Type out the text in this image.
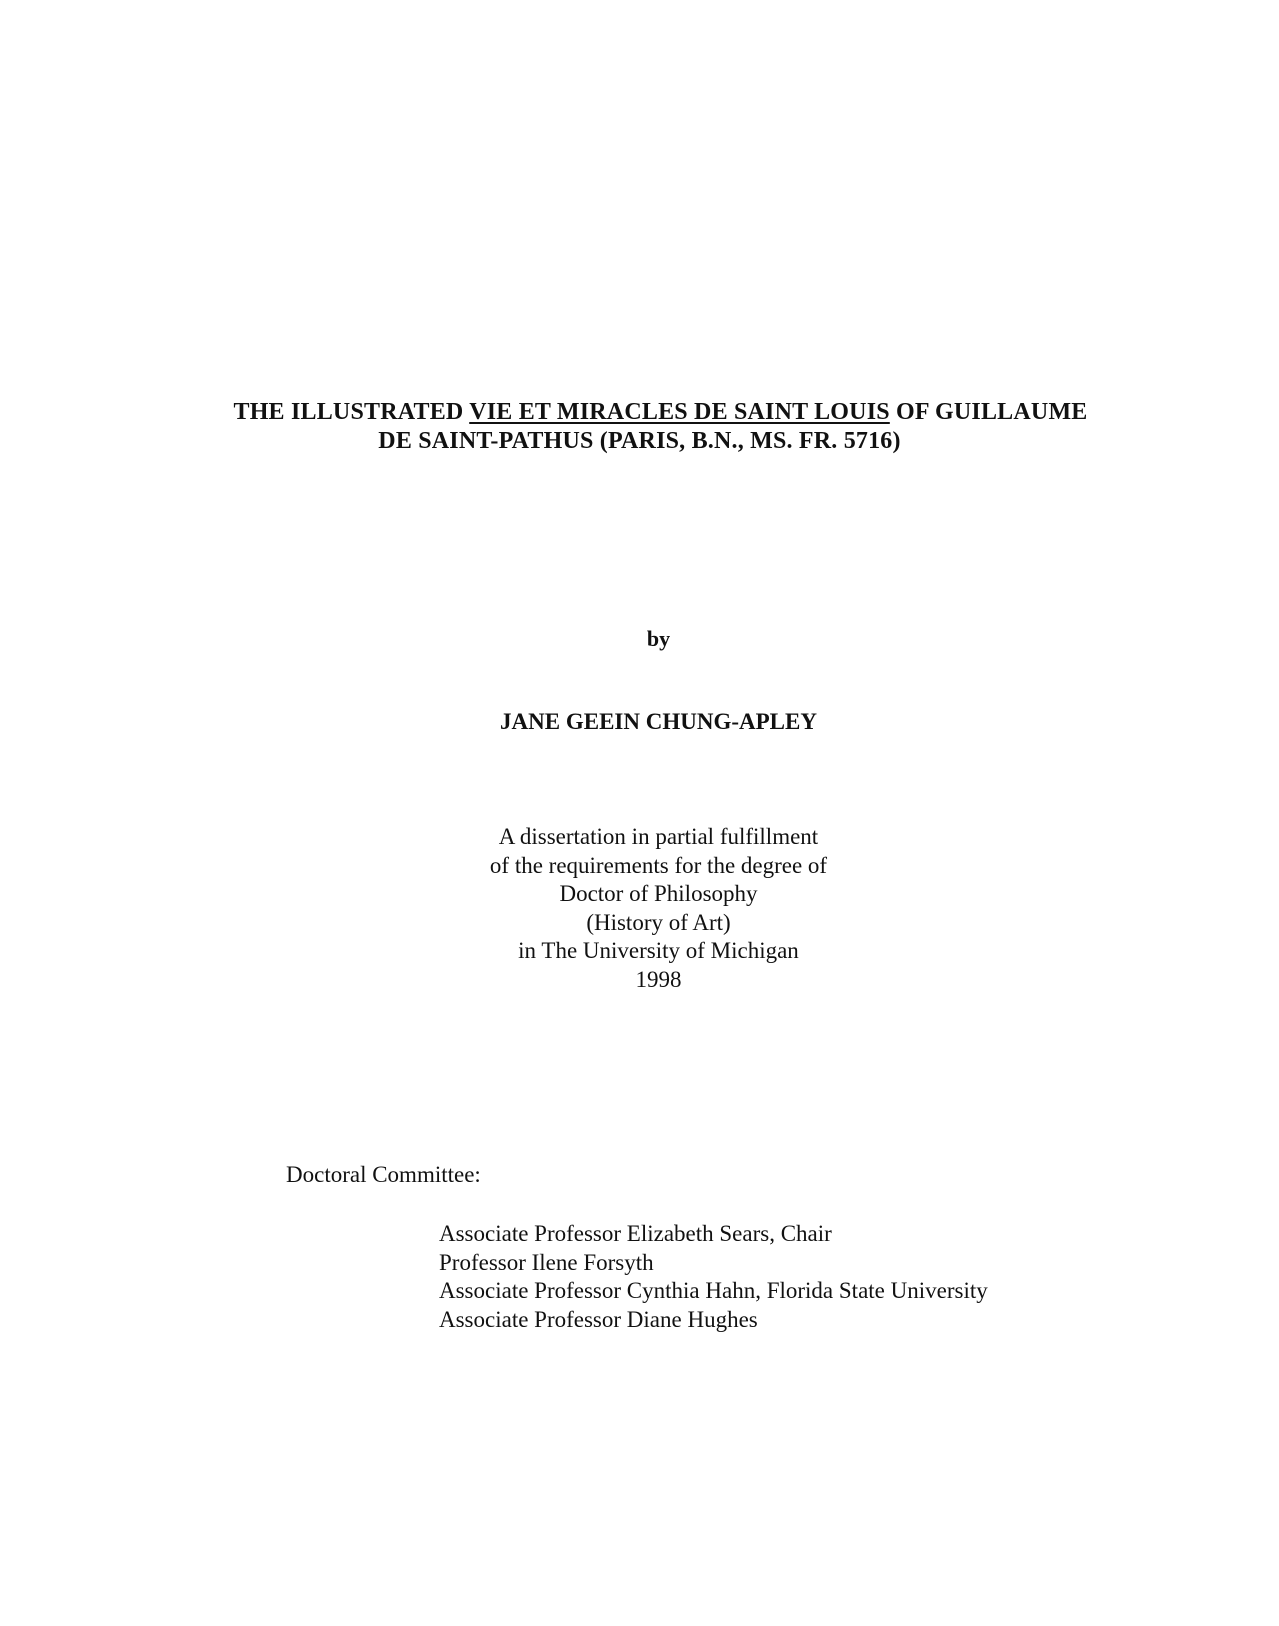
THE ILLUSTRATED VIE ET MIRACLES DE SAINT LOUIS OF GUILLAUME
DE SAINT-PATHUS (PARIS, B.N., MS. FR. 5716)
by
JANE GEEIN CHUNG-APLEY
A dissertation in partial fulfillment
of the requirements for the degree of
Doctor of Philosophy
(History of Art)
in The University of Michigan
1998
Doctoral Committee:
Associate Professor Elizabeth Sears, Chair
Professor Ilene Forsyth
Associate Professor Cynthia Hahn, Florida State University
Associate Professor Diane Hughes
